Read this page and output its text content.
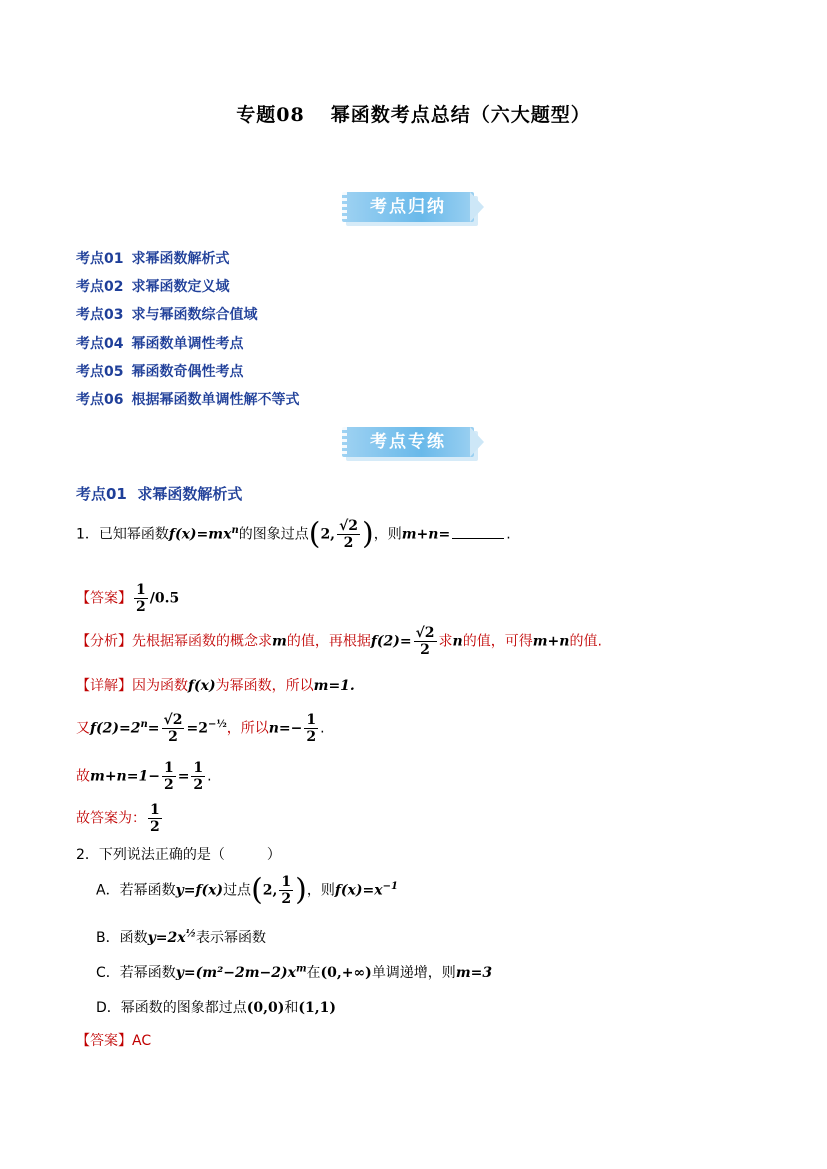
专题08 幂函数考点总结（六大题型）
考点归纳
考点01 求幂函数解析式
考点02 求幂函数定义域
考点03 求与幂函数综合值域
考点04 幂函数单调性考点
考点05 幂函数奇偶性考点
考点06 根据幂函数单调性解不等式
考点专练
考点01 求幂函数解析式
1．已知幂函数$f(x)=mx^n$的图象过点(2, $\frac{√2}{2}$ )，则m+n=	.
【答案】 $\frac{1}{2} /0.5$
【分析】先根据幂函数的概念求m的值，再根据$f(2)= \frac{√2}{2}$ 求n的值，可得m+n的值.
【详解】因为函数f(x)为幂函数，所以m=1.
又$f(2)=2^n= \frac{√2}{2} =2^{-\frac{1}{2}}$，所以$n=- \frac{1}{2}$ .
故$m+n=1- \frac{1}{2} = \frac{1}{2}$ .
故答案为： $\frac{1}{2}$
2．下列说法正确的是（　　　）
A．若幂函数y=f(x)过点(2, $\frac{1}{2}$ )，则$f(x)=x^{-1}$
B．函数$y=2x^{\frac{1}{2}}$表示幂函数
C．若幂函数$y=(m^2-2m-2)x^m$在(0,+∞)单调递增，则m=3
D．幂函数的图象都过点(0,0)和(1,1)
【答案】AC
